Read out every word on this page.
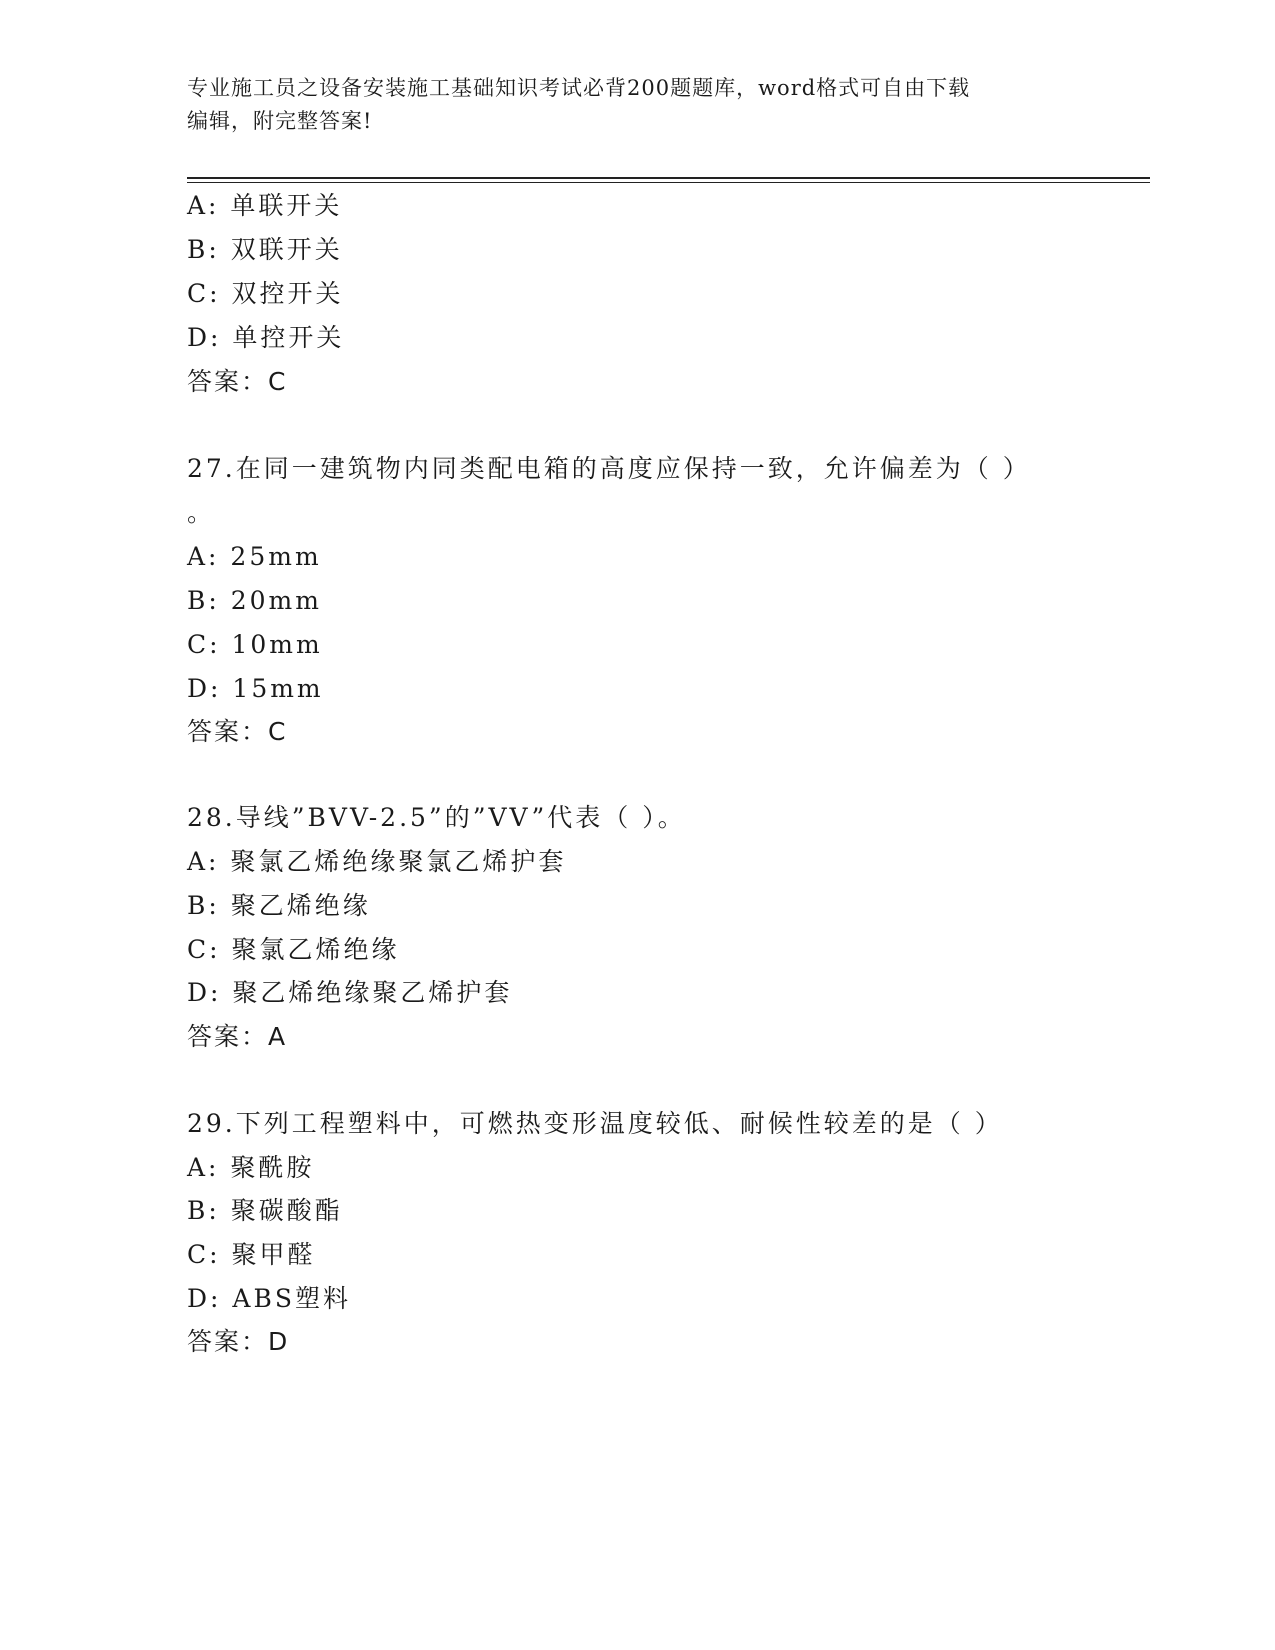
专业施工员之设备安装施工基础知识考试必背200题题库，word格式可自由下载
编辑，附完整答案!
A: 单联开关
B: 双联开关
C: 双控开关
D: 单控开关
答案：C
27.在同一建筑物内同类配电箱的高度应保持一致，允许偏差为（ ）
。
A: 25mm
B: 20mm
C: 10mm
D: 15mm
答案：C
28.导线”BVV-2.5”的”VV”代表（ ）。
A: 聚氯乙烯绝缘聚氯乙烯护套
B: 聚乙烯绝缘
C: 聚氯乙烯绝缘
D: 聚乙烯绝缘聚乙烯护套
答案：A
29.下列工程塑料中，可燃热变形温度较低、耐候性较差的是（ ）
A: 聚酰胺
B: 聚碳酸酯
C: 聚甲醛
D: ABS塑料
答案：D
